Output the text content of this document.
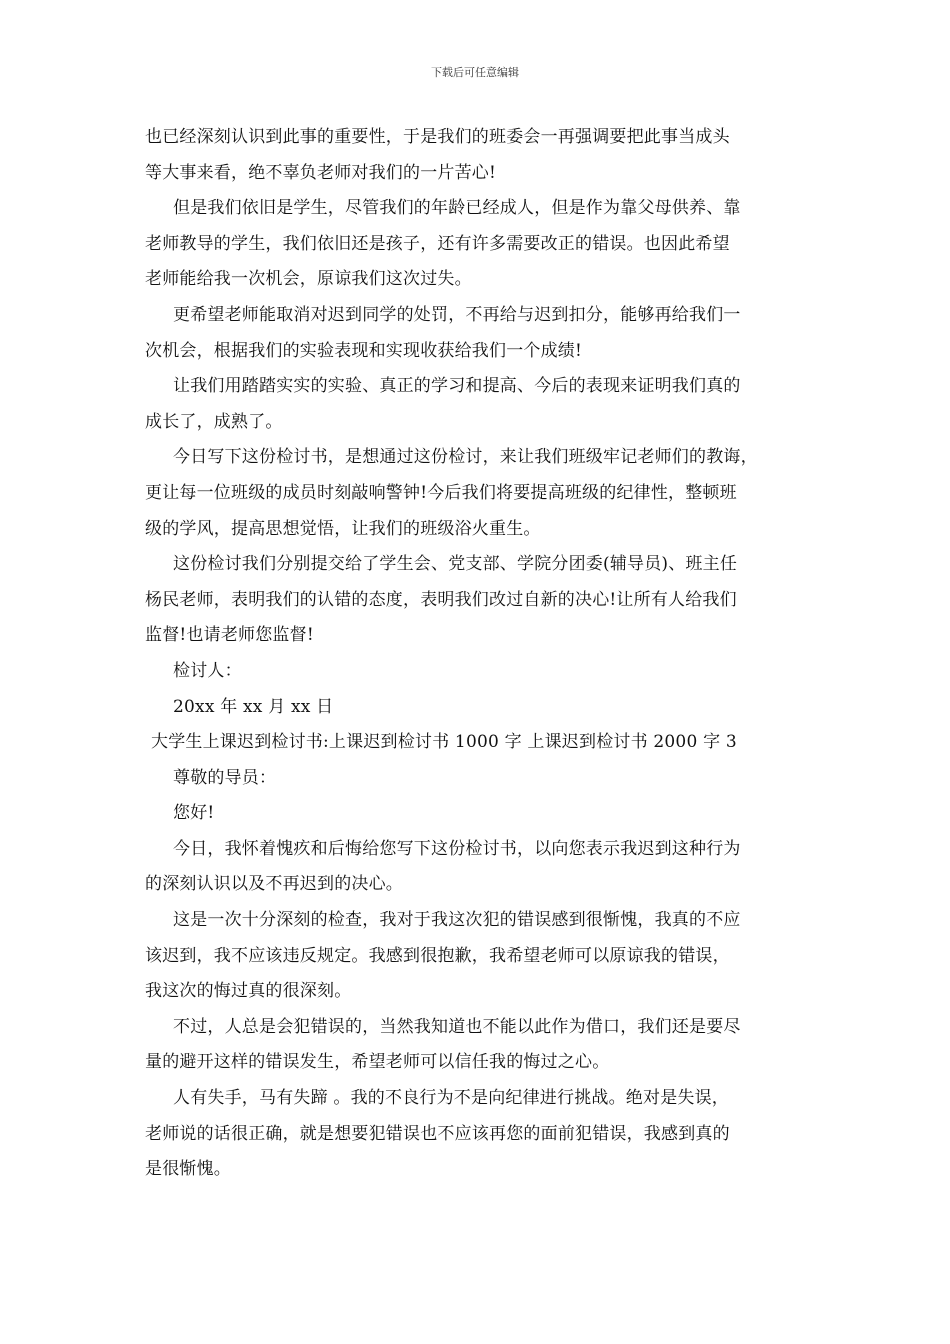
下载后可任意编辑
也已经深刻认识到此事的重要性，于是我们的班委会一再强调要把此事当成头
等大事来看，绝不辜负老师对我们的一片苦心!
但是我们依旧是学生，尽管我们的年龄已经成人，但是作为靠父母供养、靠
老师教导的学生，我们依旧还是孩子，还有许多需要改正的错误。也因此希望
老师能给我一次机会，原谅我们这次过失。
更希望老师能取消对迟到同学的处罚，不再给与迟到扣分，能够再给我们一
次机会，根据我们的实验表现和实现收获给我们一个成绩!
让我们用踏踏实实的实验、真正的学习和提高、今后的表现来证明我们真的
成长了，成熟了。
今日写下这份检讨书，是想通过这份检讨，来让我们班级牢记老师们的教诲，
更让每一位班级的成员时刻敲响警钟!今后我们将要提高班级的纪律性，整顿班
级的学风，提高思想觉悟，让我们的班级浴火重生。
这份检讨我们分别提交给了学生会、党支部、学院分团委(辅导员)、班主任
杨民老师，表明我们的认错的态度，表明我们改过自新的决心!让所有人给我们
监督!也请老师您监督!
检讨人：
20xx 年 xx 月 xx 日
大学生上课迟到检讨书:上课迟到检讨书 1000 字 上课迟到检讨书 2000 字 3
尊敬的导员：
您好!
今日，我怀着愧疚和后悔给您写下这份检讨书，以向您表示我迟到这种行为
的深刻认识以及不再迟到的决心。
这是一次十分深刻的检查，我对于我这次犯的错误感到很惭愧，我真的不应
该迟到，我不应该违反规定。我感到很抱歉，我希望老师可以原谅我的错误，
我这次的悔过真的很深刻。
不过，人总是会犯错误的，当然我知道也不能以此作为借口，我们还是要尽
量的避开这样的错误发生，希望老师可以信任我的悔过之心。
人有失手，马有失蹄 。我的不良行为不是向纪律进行挑战。绝对是失误，
老师说的话很正确，就是想要犯错误也不应该再您的面前犯错误，我感到真的
是很惭愧。
